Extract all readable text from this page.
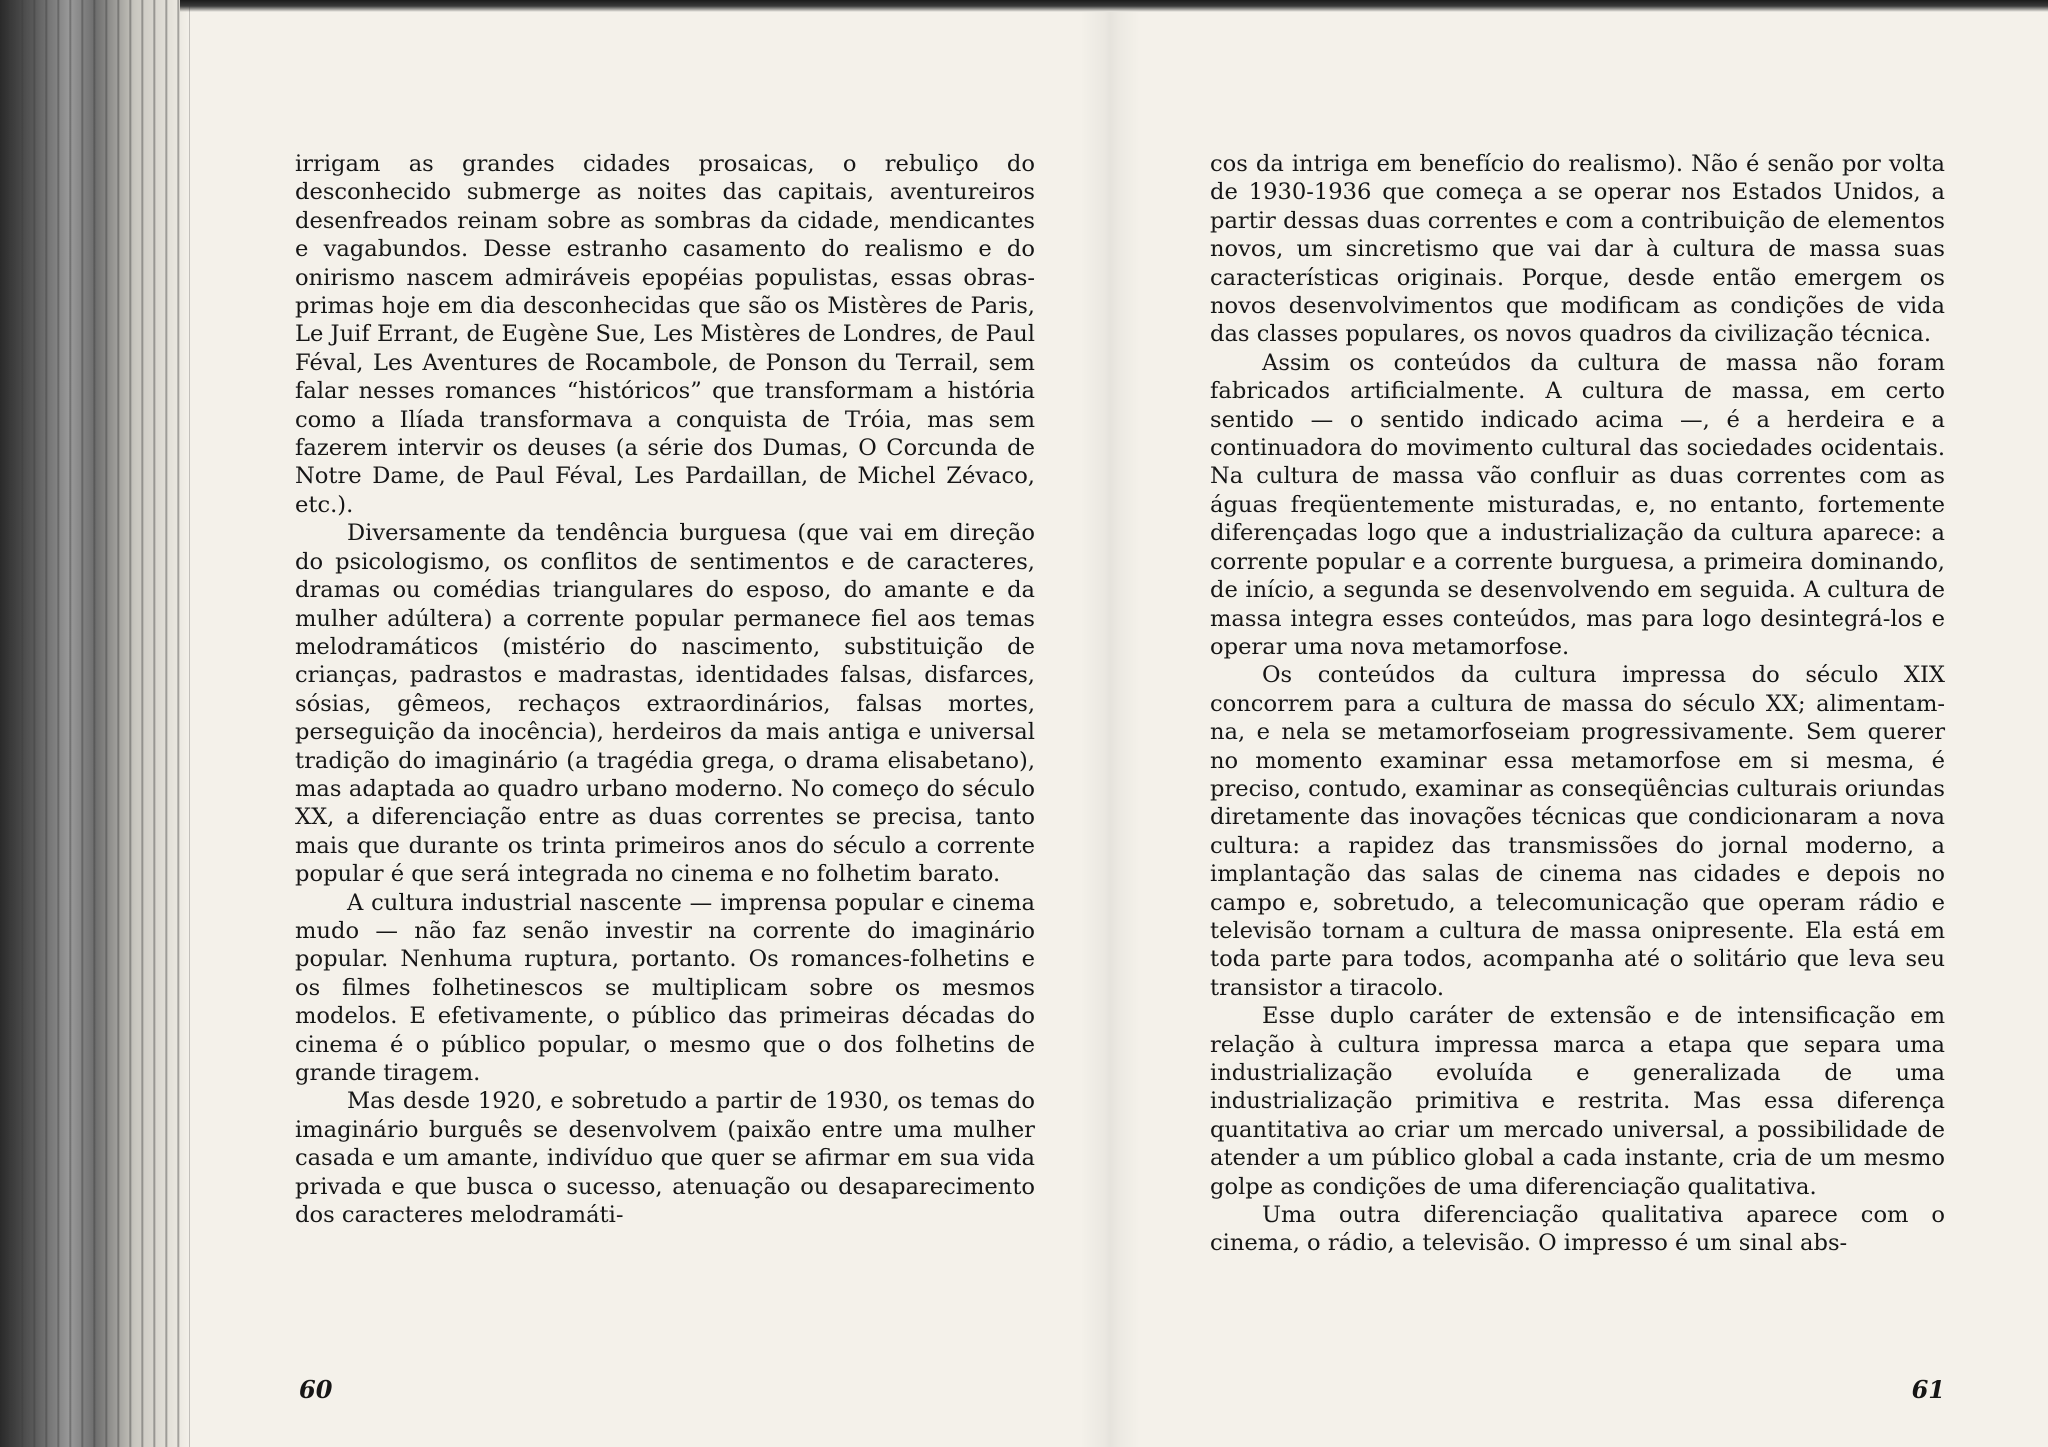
irrigam as grandes cidades prosaicas, o rebuliço do desconhecido submerge as noites das capitais, aventureiros desenfreados reinam sobre as sombras da cidade, mendicantes e vagabundos. Desse estranho casamento do realismo e do onirismo nascem admiráveis epopéias populistas, essas obras-primas hoje em dia desconhecidas que são os Mistères de Paris, Le Juif Errant, de Eugène Sue, Les Mistères de Londres, de Paul Féval, Les Aventures de Rocambole, de Ponson du Terrail, sem falar nesses romances “históricos” que transformam a história como a Ilíada transformava a conquista de Tróia, mas sem fazerem intervir os deuses (a série dos Dumas, O Corcunda de Notre Dame, de Paul Féval, Les Pardaillan, de Michel Zévaco, etc.).

Diversamente da tendência burguesa (que vai em direção do psicologismo, os conflitos de sentimentos e de caracteres, dramas ou comédias triangulares do esposo, do amante e da mulher adúltera) a corrente popular permanece fiel aos temas melodramáticos (mistério do nascimento, substituição de crianças, padrastos e madrastas, identidades falsas, disfarces, sósias, gêmeos, rechaços extraordinários, falsas mortes, perseguição da inocência), herdeiros da mais antiga e universal tradição do imaginário (a tragédia grega, o drama elisabetano), mas adaptada ao quadro urbano moderno. No começo do século XX, a diferenciação entre as duas correntes se precisa, tanto mais que durante os trinta primeiros anos do século a corrente popular é que será integrada no cinema e no folhetim barato.

A cultura industrial nascente — imprensa popular e cinema mudo — não faz senão investir na corrente do imaginário popular. Nenhuma ruptura, portanto. Os romances-folhetins e os filmes folhetinescos se multiplicam sobre os mesmos modelos. E efetivamente, o público das primeiras décadas do cinema é o público popular, o mesmo que o dos folhetins de grande tiragem.

Mas desde 1920, e sobretudo a partir de 1930, os temas do imaginário burguês se desenvolvem (paixão entre uma mulher casada e um amante, indivíduo que quer se afirmar em sua vida privada e que busca o sucesso, atenuação ou desaparecimento dos caracteres melodramáti-

60

cos da intriga em benefício do realismo). Não é senão por volta de 1930-1936 que começa a se operar nos Estados Unidos, a partir dessas duas correntes e com a contribuição de elementos novos, um sincretismo que vai dar à cultura de massa suas características originais. Porque, desde então emergem os novos desenvolvimentos que modificam as condições de vida das classes populares, os novos quadros da civilização técnica.

Assim os conteúdos da cultura de massa não foram fabricados artificialmente. A cultura de massa, em certo sentido — o sentido indicado acima —, é a herdeira e a continuadora do movimento cultural das sociedades ocidentais. Na cultura de massa vão confluir as duas correntes com as águas freqüentemente misturadas, e, no entanto, fortemente diferençadas logo que a industrialização da cultura aparece: a corrente popular e a corrente burguesa, a primeira dominando, de início, a segunda se desenvolvendo em seguida. A cultura de massa integra esses conteúdos, mas para logo desintegrá-los e operar uma nova metamorfose.

Os conteúdos da cultura impressa do século XIX concorrem para a cultura de massa do século XX; alimentam-na, e nela se metamorfoseiam progressivamente. Sem querer no momento examinar essa metamorfose em si mesma, é preciso, contudo, examinar as conseqüências culturais oriundas diretamente das inovações técnicas que condicionaram a nova cultura: a rapidez das transmissões do jornal moderno, a implantação das salas de cinema nas cidades e depois no campo e, sobretudo, a telecomunicação que operam rádio e televisão tornam a cultura de massa onipresente. Ela está em toda parte para todos, acompanha até o solitário que leva seu transistor a tiracolo.

Esse duplo caráter de extensão e de intensificação em relação à cultura impressa marca a etapa que separa uma industrialização evoluída e generalizada de uma industrialização primitiva e restrita. Mas essa diferença quantitativa ao criar um mercado universal, a possibilidade de atender a um público global a cada instante, cria de um mesmo golpe as condições de uma diferenciação qualitativa.

Uma outra diferenciação qualitativa aparece com o cinema, o rádio, a televisão. O impresso é um sinal abs-

61
